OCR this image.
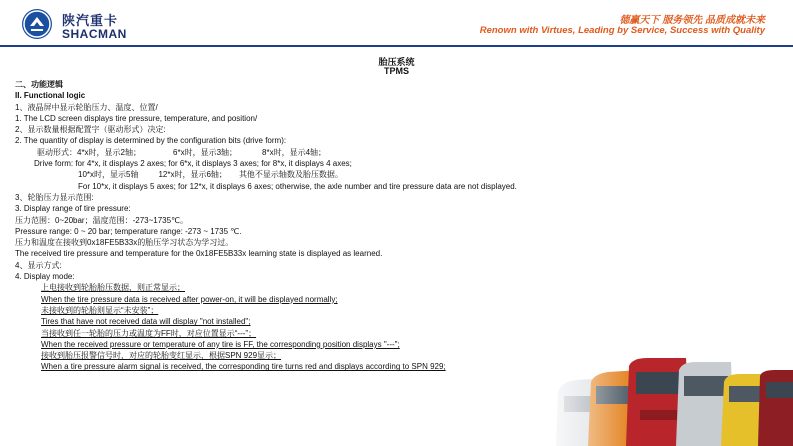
陕汽重卡
SHACMAN
德赢天下 服务领先 品质成就未来
Renown with Virtues, Leading by Service, Success with Quality
胎压系统
TPMS
二、功能逻辑
II. Functional logic
1、液晶屏中显示轮胎压力、温度、位置/
1. The LCD screen displays tire pressure, temperature, and position/
2、显示数量根据配置字（驱动形式）决定:
2. The quantity of display is determined by the configuration bits (drive form):
驱动形式：4*x时，显示2轴；	6*x时，显示3轴；	8*x时，显示4轴；
Drive form: for 4*x, it displays 2 axes; for 6*x, it displays 3 axes; for 8*x, it displays 4 axes;
10*x时，显示5轴	12*x时，显示6轴； 其他不显示轴数及胎压数据。
For 10*x, it displays 5 axes; for 12*x, it displays 6 axes; otherwise, the axle number and tire pressure data are not displayed.
3、轮胎压力显示范围:
3. Display range of tire pressure:
压力范围：0~20bar；温度范围：-273~1735℃。
Pressure range: 0 ~ 20 bar; temperature range: -273 ~ 1735 ℃.
压力和温度在接收到0x18FE5B33x的胎压学习状态为学习过。
The received tire pressure and temperature for the 0x18FE5B33x learning state is displayed as learned.
4、显示方式:
4. Display mode:
上电接收到轮胎胎压数据，则正常显示；
When the tire pressure data is received after power-on, it will be displayed normally;
未接收到的轮胎则显示“未安装”；
Tires that have not received data will display "not installed";
当接收到任一轮胎的压力或温度为FF时，对应位置显示“---”；
When the received pressure or temperature of any tire is FF, the corresponding position displays "---";
接收到胎压报警信号时，对应的轮胎变红显示，根据SPN 929显示；
When a tire pressure alarm signal is received, the corresponding tire turns red and displays according to SPN 929;
